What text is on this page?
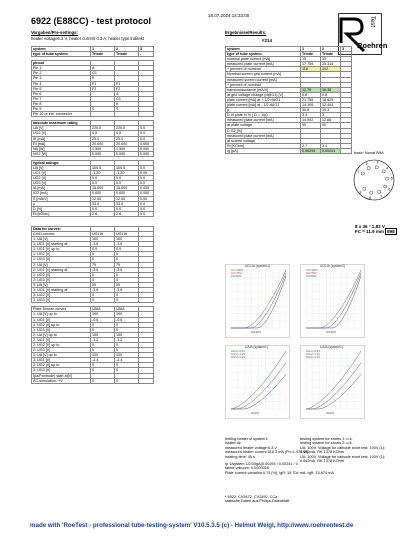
6922 (E88CC) - test protocol
18.07.2024 14:33:00
Vorgaben/Pre-settings:
heater voltage6.3 V, heater current 0.3 A, heater type:indirekt
Ergebnisse/Results:
#214
Roehren
Test
system	1	2	3
type of tube system	Triode	Triode	-

pinout			
Pin 1	A		
Pin 2	G1		
Pin 3	K		
Pin 4	F1	F1	
Pin 5	F2	F2	
Pin 6		A	
Pin 7		G1	
Pin 8		K	
Pin 9	S	S	
Pin 10 or ext. connector			

absolute maximum rating			
UA [V]	220.0	220.0	0.0
UG2 [V]	0.0	0.0	0.0
IK [mA]	25.0	25.0	0.0
RI [mA]	20.000	20.000	0.000
NA [W]	1.500	1.500	0.000
NG2 [W]	0.000	0.000	0.000

typical ratings:			
UA [V]	100.0	100.0	0.0
UG1 [V]	-1.20	-1.20	0.00
UG2 [V]	0.0	0.0	0.0
UG3 [V]	0.0	0.0	0.0
IA [mA]	15.000	15.000	0.000
IG2 [mA]	0.000	0.000	0.000
S [mA/V]	12.50	12.50	0.00
µ	33.0	33.0	0.0
D [%]	0.0	0.0	0.0
Ri [kOhm]	2.6	2.6	0.0

Data for curves:			
Grid1 curves:	UG1IA	UG1IA	
1: UA [V]	100	100	
1: UG1 [V] starting at	-3.6	-3.6	
1: UG1 [V] up to	0.0	0.0	
1: UG2 [V]	0	0	
1: UG3 [V]	0	0	
2: UA [V]	75	75	
2: UG1 [V] starting at	-3.6	-3.6	
2: UG2 [V]	0	0	
2: UG3 [V]	0	0	
3: UA [V]	50	50	
3: UG1 [V] starting at	-3.6	-3.6	
3: UG2 [V]	0	0	
3: UG3 [V]	0	0	

Plate-Screen curves	UAIA	UAIA	
1: UA [V] up to	100	100	
1: UG1 [V]	-0.6	-0.6	
1: UG2 [V] up to	0	0	
1: UG3 [V]	0	0	
2: UA [V] up to	100	100	
2: UG1 [V]	-1.2	-1.2	
2: UG2 [V] up to	0	0	
2: UG3 [V]	0	0	
3: UA [V] up to	100	100	
3: UG1 [V]	-2.4	-2.4	
3: UG2 [V] up to	0	0	
3: UG3 [V]	0	0	
f(Ia/Fentrode) start at[V]			
AC-simulation, +V	0	0	
system	1	2	3
type of tube system	Triode	Triode	-
nominal plate current [mA]	15	15	
measured plate current [mA]	17.759	15.314	
+ percent of nominal	118	102	
Nominal screen grid current [mA]			
measured screen current [mA]			
+ percent of nominal			
transconductance [mA/V]	12.75	10.38	
at grid voltage change (d@G1) [V]	0.8	0.8	
plate current [mA] at + 1/2 dUG1	21.756	18.629	
plate current [mA] at - 1/2 dUG1	14.106	12.404	
µ	30.8	33.3	
D of plate in % ( D = 1/µ)	3.3	3	
measured plate current [mA]	14.092	12.66	
at plate voltage	90	90	
D G2 [%]			
measured plate current [mA]			
at screen voltage			
Ri [KOhm]	2.7	3.4	
Ig [µA]	0.00294	0.00241	
1
2	3
4
5
6
7
8
9
base: Noval B9A
8 x 36 ° 1,82 V
FC = 11.9 mm 898
UG1IA (system1)
UA=100V
UA=75V
UA=50V
UG1[V]
UG1IA (system2)
UA=100V
UA=75V
UA=50V
UG1[V]
UAIA (system1)
UG1=-0.6V
UG1=-1.2V
UG1=-2.4V
UA[V]
UAIA (system2)
UG1=-0.6V
UG1=-1.2V
UG1=-2.4V
UA[V]
testing heater of system1:
heater ok
measured heater voltage:6.3 V
measured heater current:315.3 mA (Ph=1.974 W)
heating time: 45 s
testing system for shorts 1: o.k.
testing system for shorts 2: o.k.
UA: 100V, Voltage for cathode short test: 100V (1);
0.062mA, RK 1378 KOhm
UA: 100V, Voltage for cathode short test: 100V (1);
0.062mA, RK 1378 KOhm
Ip 1/system 1/2/3/IgA(0.00294 / 0.00241 / 0
faktor vakuum: 0.0000016
Plate current variation:0.75 [%], IgR: 15.704 mA, IgR: 15.674 mA
* 6922, CV5472, CV2492, CCa
statische Daten aus Philips-Datenblatt
made with 'RoeTest - professional tube-testing-system' V10.5.3.5 (c) - Helmut Weigl, http://www.roehrentest.de
